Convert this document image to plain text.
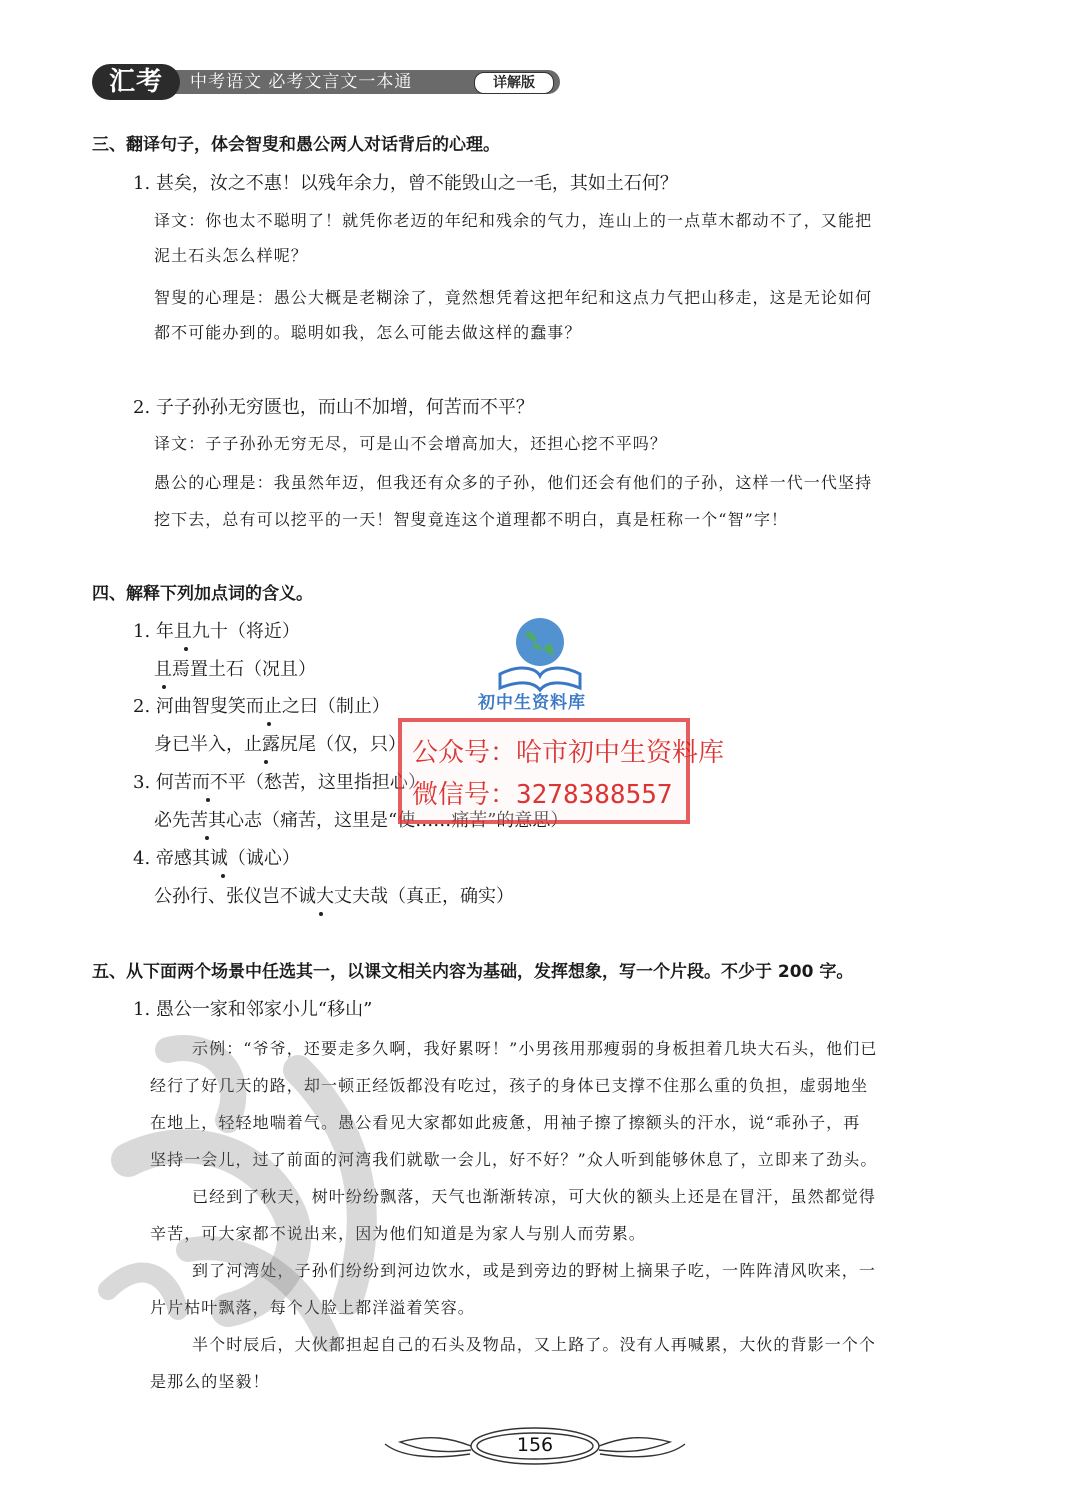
汇考	中考语文 必考文言文一本通	详解版
三、翻译句子，体会智叟和愚公两人对话背后的心理。
1. 甚矣，汝之不惠！以残年余力，曾不能毁山之一毛，其如土石何？
译文：你也太不聪明了！就凭你老迈的年纪和残余的气力，连山上的一点草木都动不了，又能把
泥土石头怎么样呢？
智叟的心理是：愚公大概是老糊涂了，竟然想凭着这把年纪和这点力气把山移走，这是无论如何
都不可能办到的。聪明如我，怎么可能去做这样的蠢事？
2. 子子孙孙无穷匮也，而山不加增，何苦而不平？
译文：子子孙孙无穷无尽，可是山不会增高加大，还担心挖不平吗？
愚公的心理是：我虽然年迈，但我还有众多的子孙，他们还会有他们的子孙，这样一代一代坚持
挖下去，总有可以挖平的一天！智叟竟连这个道理都不明白，真是枉称一个“智”字！
四、解释下列加点词的含义。
1. 年且九十（将近）
且焉置土石（况且）
2. 河曲智叟笑而止之曰（制止）
身已半入，止露尻尾（仅，只）
3. 何苦而不平（愁苦，这里指担心）
必先苦其心志（痛苦，这里是“使……痛苦”的意思）
4. 帝感其诚（诚心）
公孙行、张仪岂不诚大丈夫哉（真正，确实）
五、从下面两个场景中任选其一，以课文相关内容为基础，发挥想象，写一个片段。不少于 200 字。
1. 愚公一家和邻家小儿“移山”
示例：“爷爷，还要走多久啊，我好累呀！”小男孩用那瘦弱的身板担着几块大石头，他们已
经行了好几天的路，却一顿正经饭都没有吃过，孩子的身体已支撑不住那么重的负担，虚弱地坐
在地上，轻轻地喘着气。愚公看见大家都如此疲惫，用袖子擦了擦额头的汗水，说“乖孙子，再
坚持一会儿，过了前面的河湾我们就歇一会儿，好不好？”众人听到能够休息了，立即来了劲头。
已经到了秋天，树叶纷纷飘落，天气也渐渐转凉，可大伙的额头上还是在冒汗，虽然都觉得
辛苦，可大家都不说出来，因为他们知道是为家人与别人而劳累。
到了河湾处，子孙们纷纷到河边饮水，或是到旁边的野树上摘果子吃，一阵阵清风吹来，一
片片枯叶飘落，每个人脸上都洋溢着笑容。
半个时辰后，大伙都担起自己的石头及物品，又上路了。没有人再喊累，大伙的背影一个个
是那么的坚毅！
初中生资料库
公众号：哈市初中生资料库
微信号：3278388557
156
